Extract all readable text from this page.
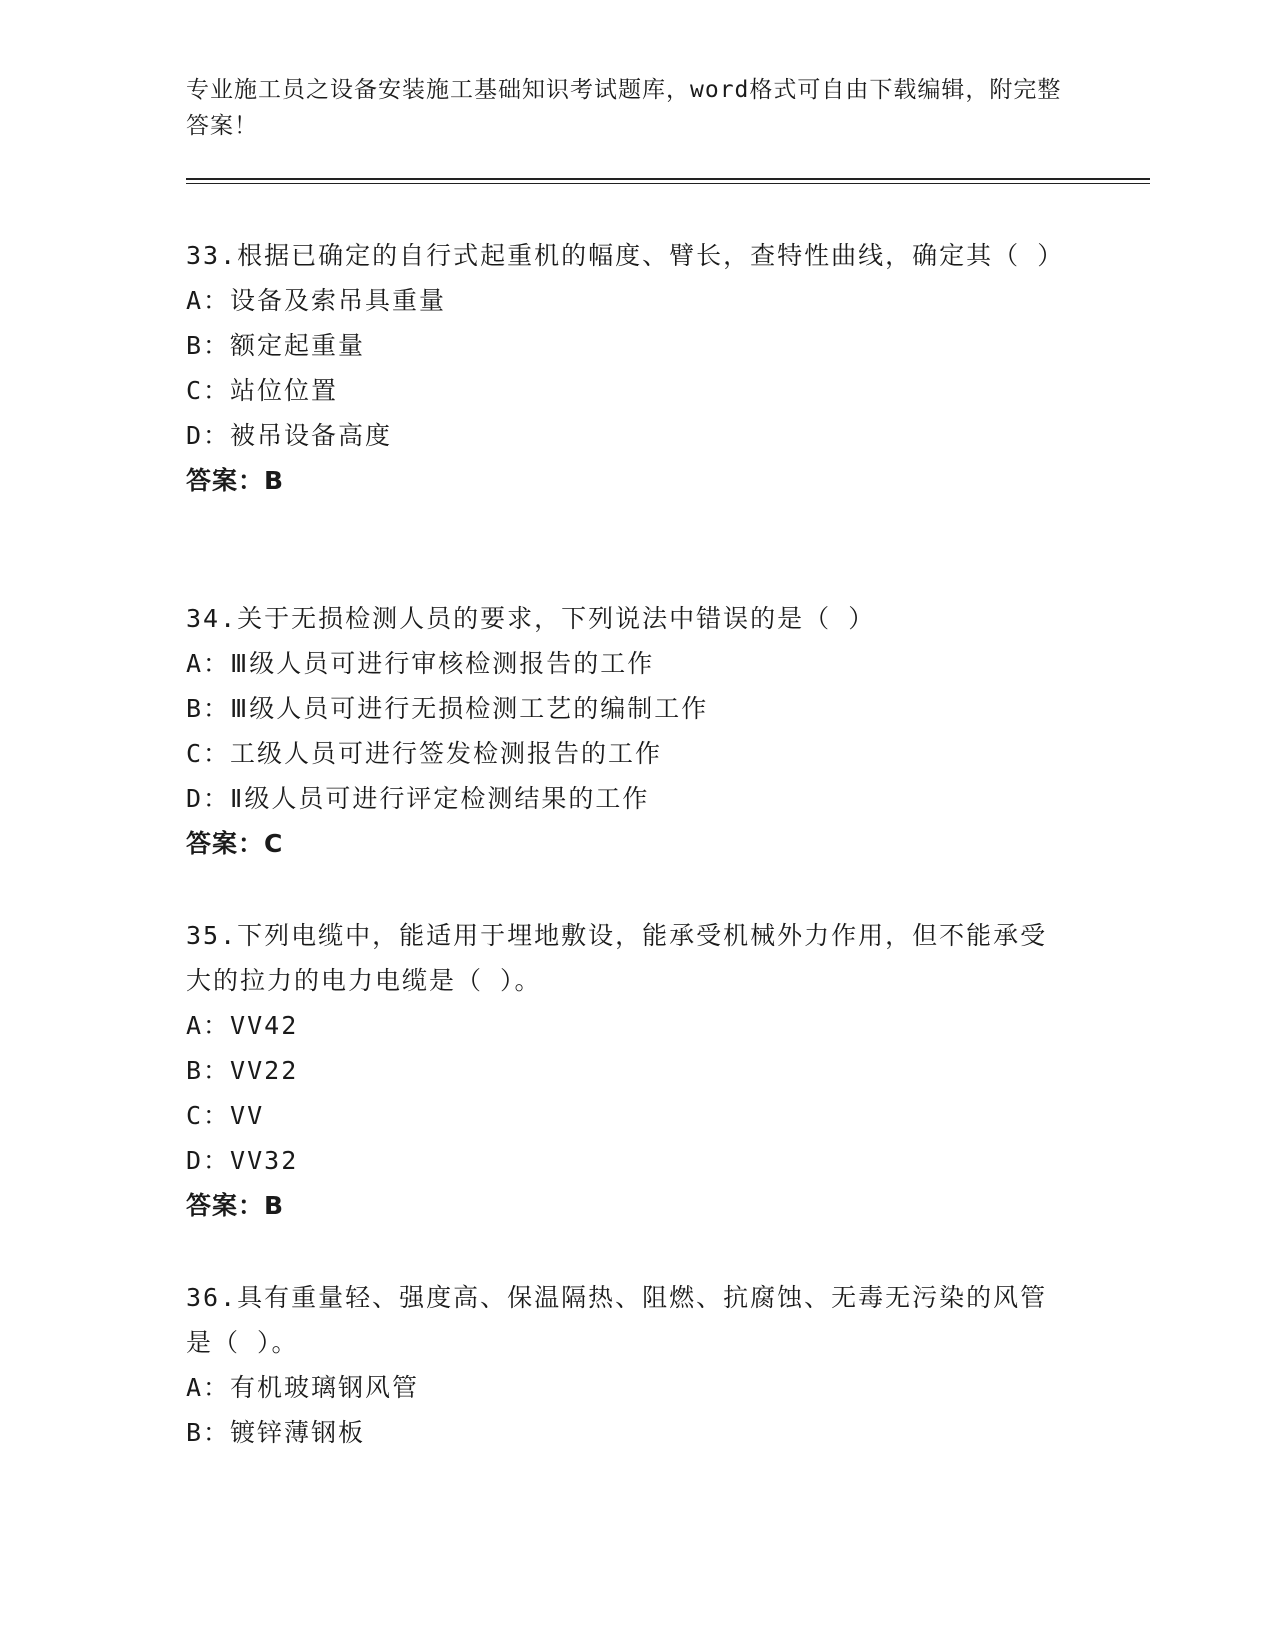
专业施工员之设备安装施工基础知识考试题库，word格式可自由下载编辑，附完整答案！
33.根据已确定的自行式起重机的幅度、臂长，查特性曲线，确定其（ ）
A：设备及索吊具重量
B：额定起重量
C：站位位置
D：被吊设备高度
答案：B
34.关于无损检测人员的要求，下列说法中错误的是（ ）
A：Ⅲ级人员可进行审核检测报告的工作
B：Ⅲ级人员可进行无损检测工艺的编制工作
C：工级人员可进行签发检测报告的工作
D：Ⅱ级人员可进行评定检测结果的工作
答案：C
35.下列电缆中，能适用于埋地敷设，能承受机械外力作用，但不能承受大的拉力的电力电缆是（ ）。
A：VV42
B：VV22
C：VV
D：VV32
答案：B
36.具有重量轻、强度高、保温隔热、阻燃、抗腐蚀、无毒无污染的风管是（ ）。
A：有机玻璃钢风管
B：镀锌薄钢板
